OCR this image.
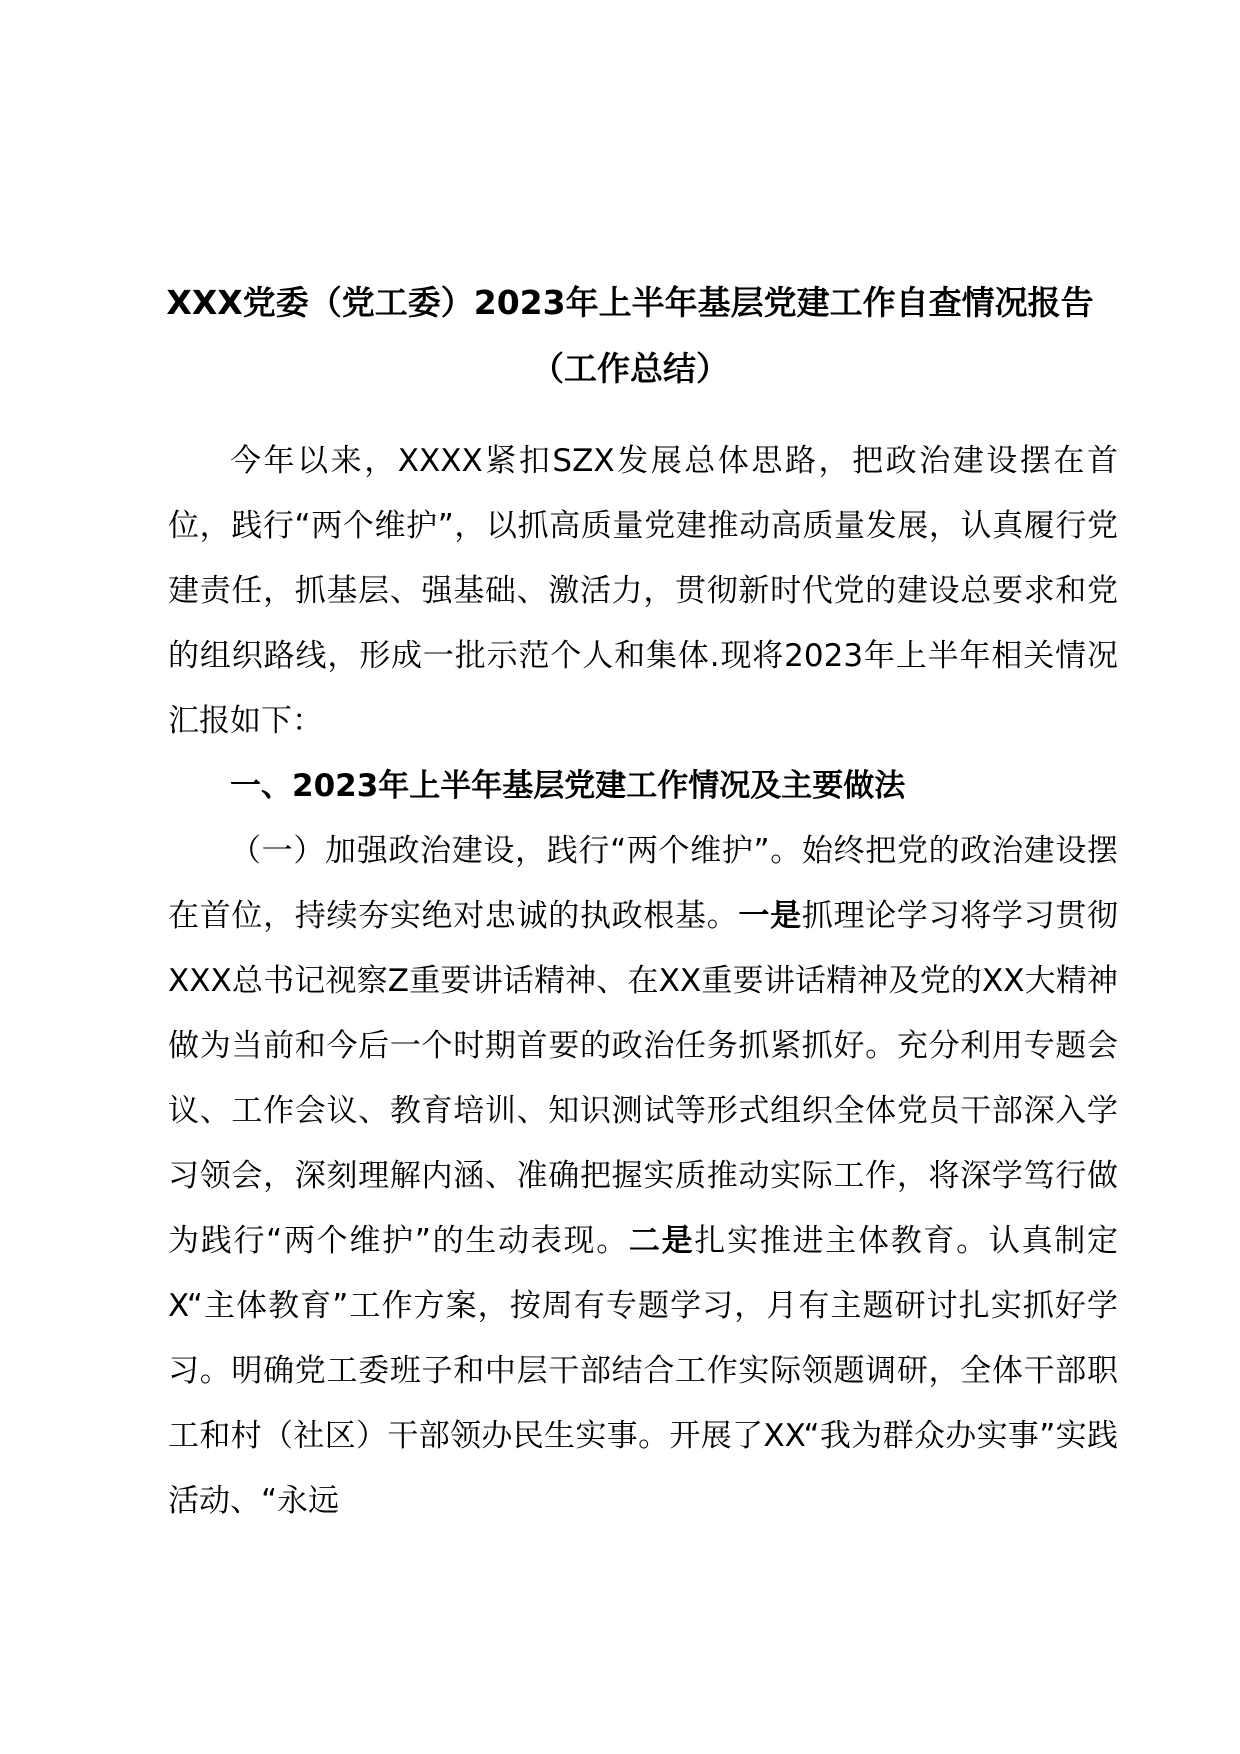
XXX党委（党工委）2023年上半年基层党建工作自查情况报告
（工作总结）

今年以来，XXXX紧扣SZX发展总体思路，把政治建设摆在首位，践行“两个维护”，以抓高质量党建推动高质量发展，认真履行党建责任，抓基层、强基础、激活力，贯彻新时代党的建设总要求和党的组织路线，形成一批示范个人和集体.现将2023年上半年相关情况汇报如下：

一、2023年上半年基层党建工作情况及主要做法

（一）加强政治建设，践行“两个维护”。始终把党的政治建设摆在首位，持续夯实绝对忠诚的执政根基。一是抓理论学习将学习贯彻XXX总书记视察Z重要讲话精神、在XX重要讲话精神及党的XX大精神做为当前和今后一个时期首要的政治任务抓紧抓好。充分利用专题会议、工作会议、教育培训、知识测试等形式组织全体党员干部深入学习领会，深刻理解内涵、准确把握实质推动实际工作，将深学笃行做为践行“两个维护”的生动表现。二是扎实推进主体教育。认真制定X“主体教育”工作方案，按周有专题学习，月有主题研讨扎实抓好学习。明确党工委班子和中层干部结合工作实际领题调研，全体干部职工和村（社区）干部领办民生实事。开展了XX“我为群众办实事”实践活动、“永远
